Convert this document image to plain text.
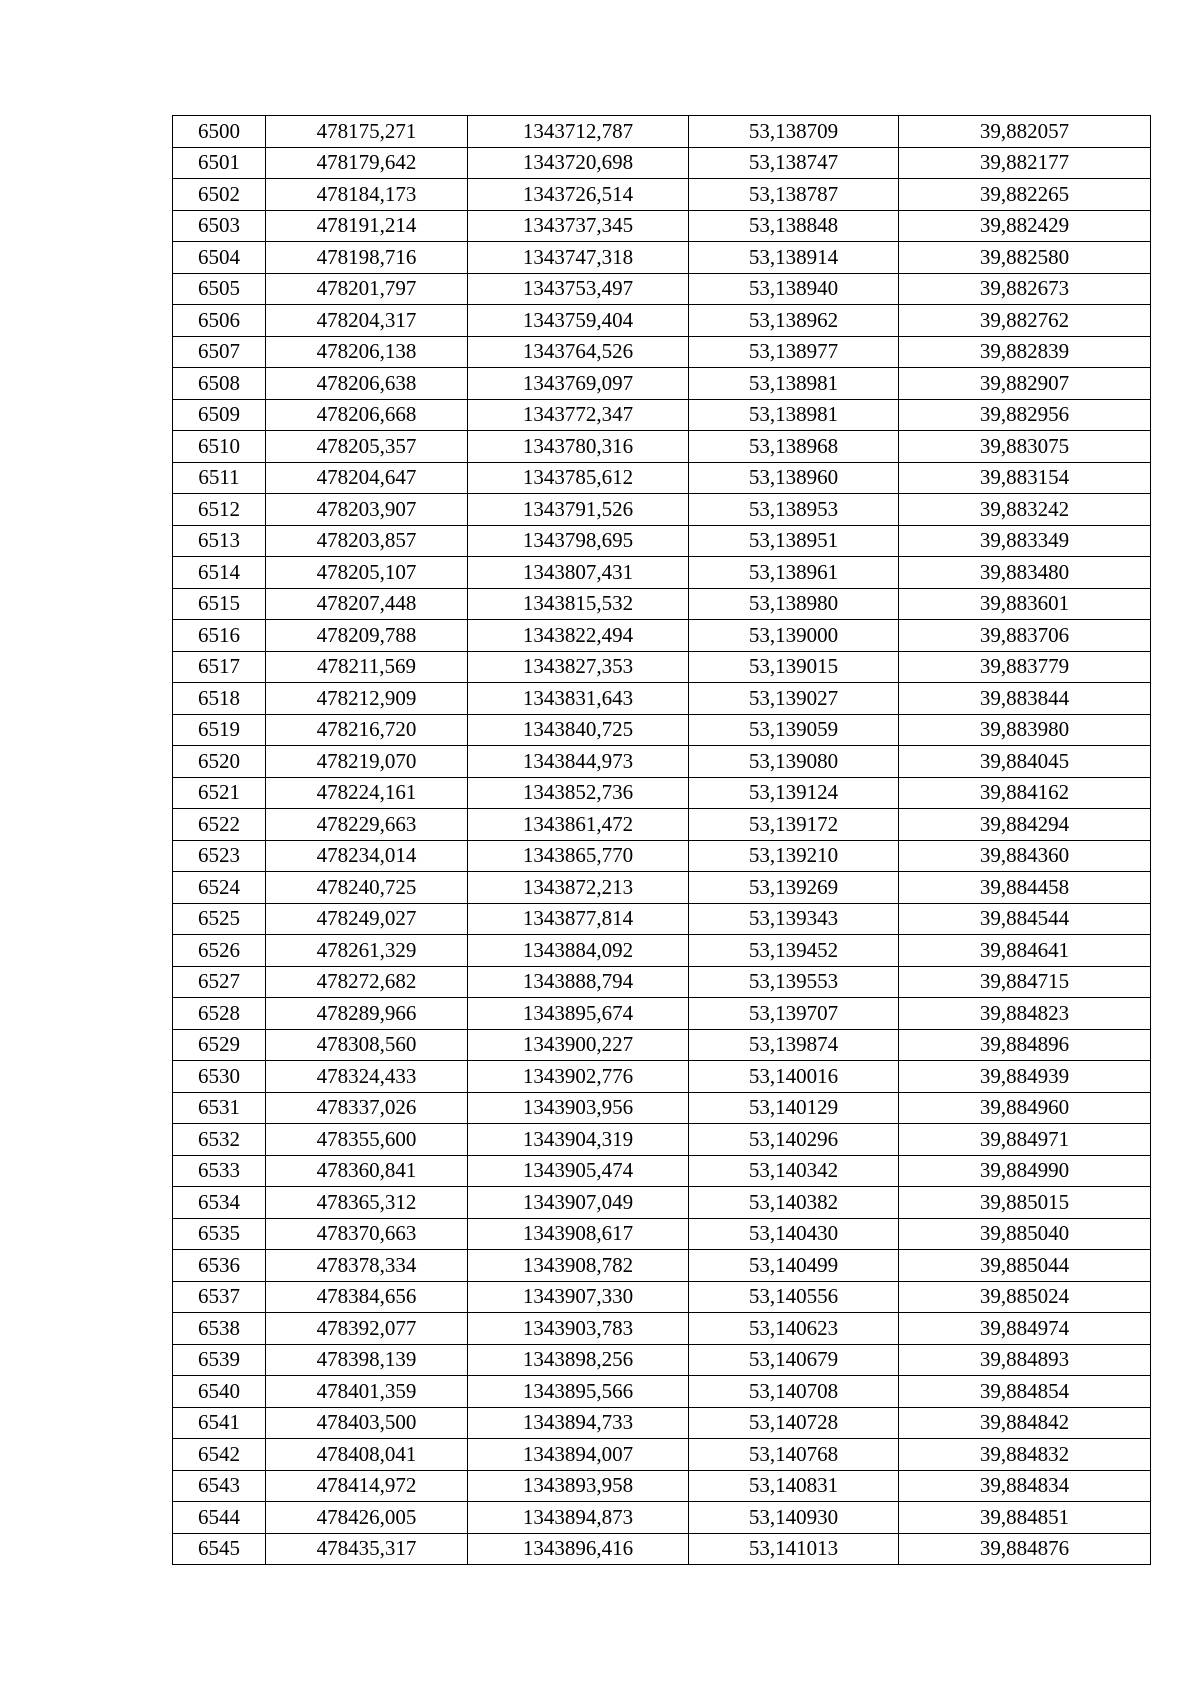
6500	478175,271	1343712,787	53,138709	39,882057
6501	478179,642	1343720,698	53,138747	39,882177
6502	478184,173	1343726,514	53,138787	39,882265
6503	478191,214	1343737,345	53,138848	39,882429
6504	478198,716	1343747,318	53,138914	39,882580
6505	478201,797	1343753,497	53,138940	39,882673
6506	478204,317	1343759,404	53,138962	39,882762
6507	478206,138	1343764,526	53,138977	39,882839
6508	478206,638	1343769,097	53,138981	39,882907
6509	478206,668	1343772,347	53,138981	39,882956
6510	478205,357	1343780,316	53,138968	39,883075
6511	478204,647	1343785,612	53,138960	39,883154
6512	478203,907	1343791,526	53,138953	39,883242
6513	478203,857	1343798,695	53,138951	39,883349
6514	478205,107	1343807,431	53,138961	39,883480
6515	478207,448	1343815,532	53,138980	39,883601
6516	478209,788	1343822,494	53,139000	39,883706
6517	478211,569	1343827,353	53,139015	39,883779
6518	478212,909	1343831,643	53,139027	39,883844
6519	478216,720	1343840,725	53,139059	39,883980
6520	478219,070	1343844,973	53,139080	39,884045
6521	478224,161	1343852,736	53,139124	39,884162
6522	478229,663	1343861,472	53,139172	39,884294
6523	478234,014	1343865,770	53,139210	39,884360
6524	478240,725	1343872,213	53,139269	39,884458
6525	478249,027	1343877,814	53,139343	39,884544
6526	478261,329	1343884,092	53,139452	39,884641
6527	478272,682	1343888,794	53,139553	39,884715
6528	478289,966	1343895,674	53,139707	39,884823
6529	478308,560	1343900,227	53,139874	39,884896
6530	478324,433	1343902,776	53,140016	39,884939
6531	478337,026	1343903,956	53,140129	39,884960
6532	478355,600	1343904,319	53,140296	39,884971
6533	478360,841	1343905,474	53,140342	39,884990
6534	478365,312	1343907,049	53,140382	39,885015
6535	478370,663	1343908,617	53,140430	39,885040
6536	478378,334	1343908,782	53,140499	39,885044
6537	478384,656	1343907,330	53,140556	39,885024
6538	478392,077	1343903,783	53,140623	39,884974
6539	478398,139	1343898,256	53,140679	39,884893
6540	478401,359	1343895,566	53,140708	39,884854
6541	478403,500	1343894,733	53,140728	39,884842
6542	478408,041	1343894,007	53,140768	39,884832
6543	478414,972	1343893,958	53,140831	39,884834
6544	478426,005	1343894,873	53,140930	39,884851
6545	478435,317	1343896,416	53,141013	39,884876
